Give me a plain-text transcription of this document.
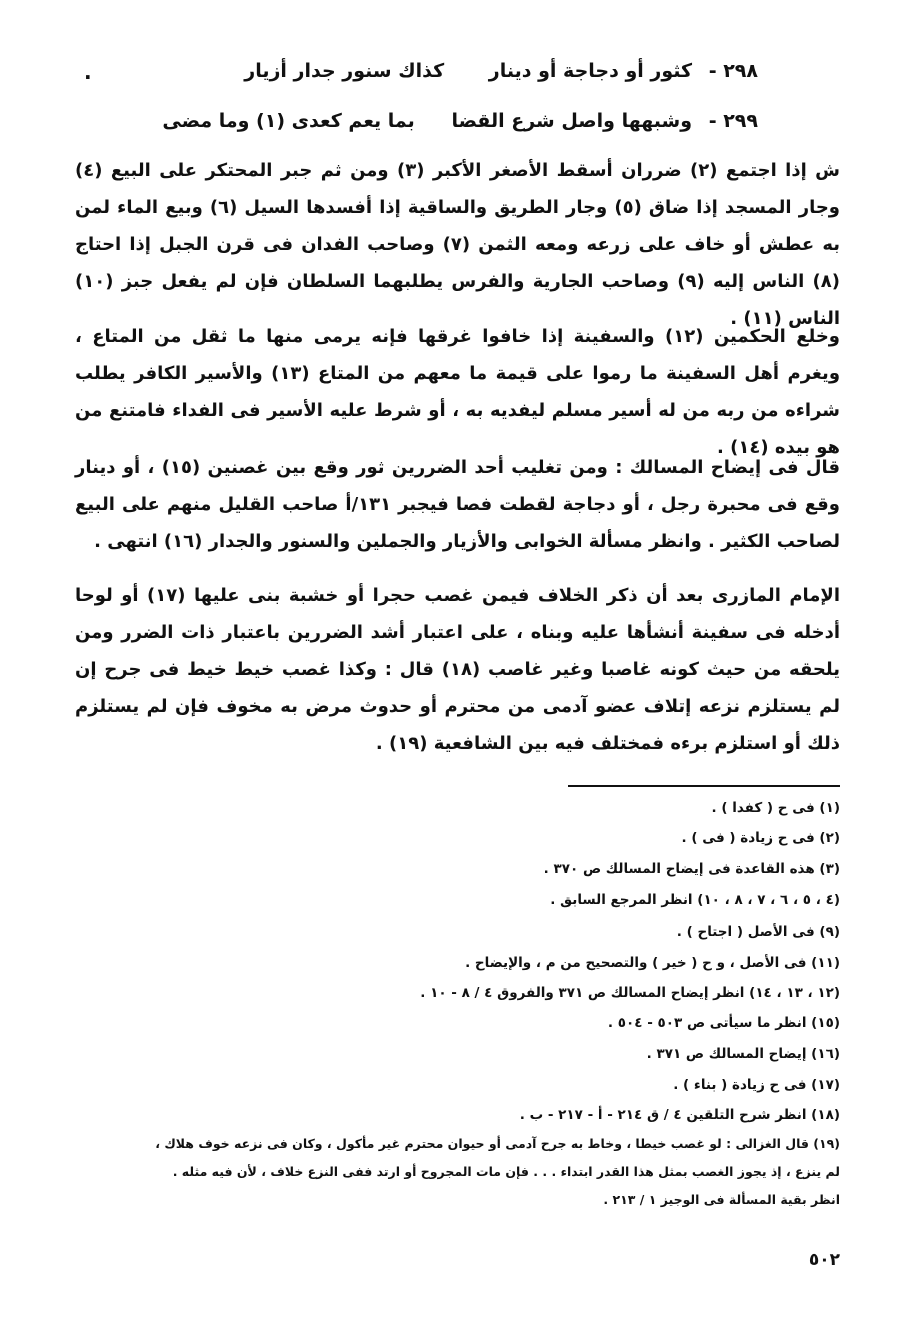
.	٢٩٨ - كثور أو دجاجة أو دينار كذاك سنور جدار أزيار
٢٩٩ - وشبهها واصل شرع القضا بما يعم كعدى (١) وما مضى
ش إذا اجتمع (٢) ضرران أسقط الأصغر الأكبر (٣) ومن ثم جبر المحتكر على البيع (٤) وجار المسجد إذا ضاق (٥) وجار الطريق والساقية إذا أفسدها السيل (٦) وبيع الماء لمن به عطش أو خاف على زرعه ومعه الثمن (٧) وصاحب الفدان فى قرن الجبل إذا احتاج (٨) الناس إليه (٩) وصاحب الجارية والفرس يطلبهما السلطان فإن لم يفعل جبز (١٠) الناس (١١) .
وخلع الحكمين (١٢) والسفينة إذا خافوا غرقها فإنه يرمى منها ما ثقل من المتاع ، ويغرم أهل السفينة ما رموا على قيمة ما معهم من المتاع (١٣) والأسير الكافر يطلب شراءه من ربه من له أسير مسلم ليفديه به ، أو شرط عليه الأسير فى الفداء فامتنع من هو بيده (١٤) .
قال فى إيضاح المسالك : ومن تغليب أحد الضررين ثور وقع بين غصنين (١٥) ، أو دينار وقع فى محبرة رجل ، أو دجاجة لقطت فصا فيجبر ١٣١/أ صاحب القليل منهم على البيع لصاحب الكثير . وانظر مسألة الخوابى والأزيار والجملين والسنور والجدار (١٦) انتهى .
الإمام المازرى بعد أن ذكر الخلاف فيمن غصب حجرا أو خشبة بنى عليها (١٧) أو لوحا أدخله فى سفينة أنشأها عليه وبناه ، على اعتبار أشد الضررين باعتبار ذات الضرر ومن يلحقه من حيث كونه غاصبا وغير غاصب (١٨) قال : وكذا غصب خيط خيط فى جرح إن لم يستلزم نزعه إتلاف عضو آدمى من محترم أو حدوث مرض به مخوف فإن لم يستلزم ذلك أو استلزم برءه فمختلف فيه بين الشافعية (١٩) .
(١) فى ح ( كفدا ) .
(٢) فى ح زيادة ( فى ) .
(٣) هذه القاعدة فى إيضاح المسالك ص ٣٧٠ .
(٤ ، ٥ ، ٦ ، ٧ ، ٨ ، ١٠) انظر المرجع السابق .
(٩) فى الأصل ( اجتاح ) .
(١١) فى الأصل ، و ح ( خير ) والتصحيح من م ، والإيضاح .
(١٢ ، ١٣ ، ١٤) انظر إيضاح المسالك ص ٣٧١ والفروق ٤ / ٨ - ١٠ .
(١٥) انظر ما سيأتى ص ٥٠٣ - ٥٠٤ .
(١٦) إيضاح المسالك ص ٣٧١ .
(١٧) فى ح زيادة ( بناء ) .
(١٨) انظر شرح التلقين ٤ / ق ٢١٤ - أ - ٢١٧ - ب .
(١٩) قال الغزالى : لو غصب خيطا ، وخاط به جرح آدمى أو حيوان محترم غير مأكول ، وكان فى نزعه خوف هلاك ،
لم ينزع ، إذ يجوز الغصب بمثل هذا القدر ابتداء . . . فإن مات المجروح أو ارتد ففى النزع خلاف ، لأن فيه مثله .
انظر بقية المسألة فى الوجيز ١ / ٢١٣ .
٥٠٢
